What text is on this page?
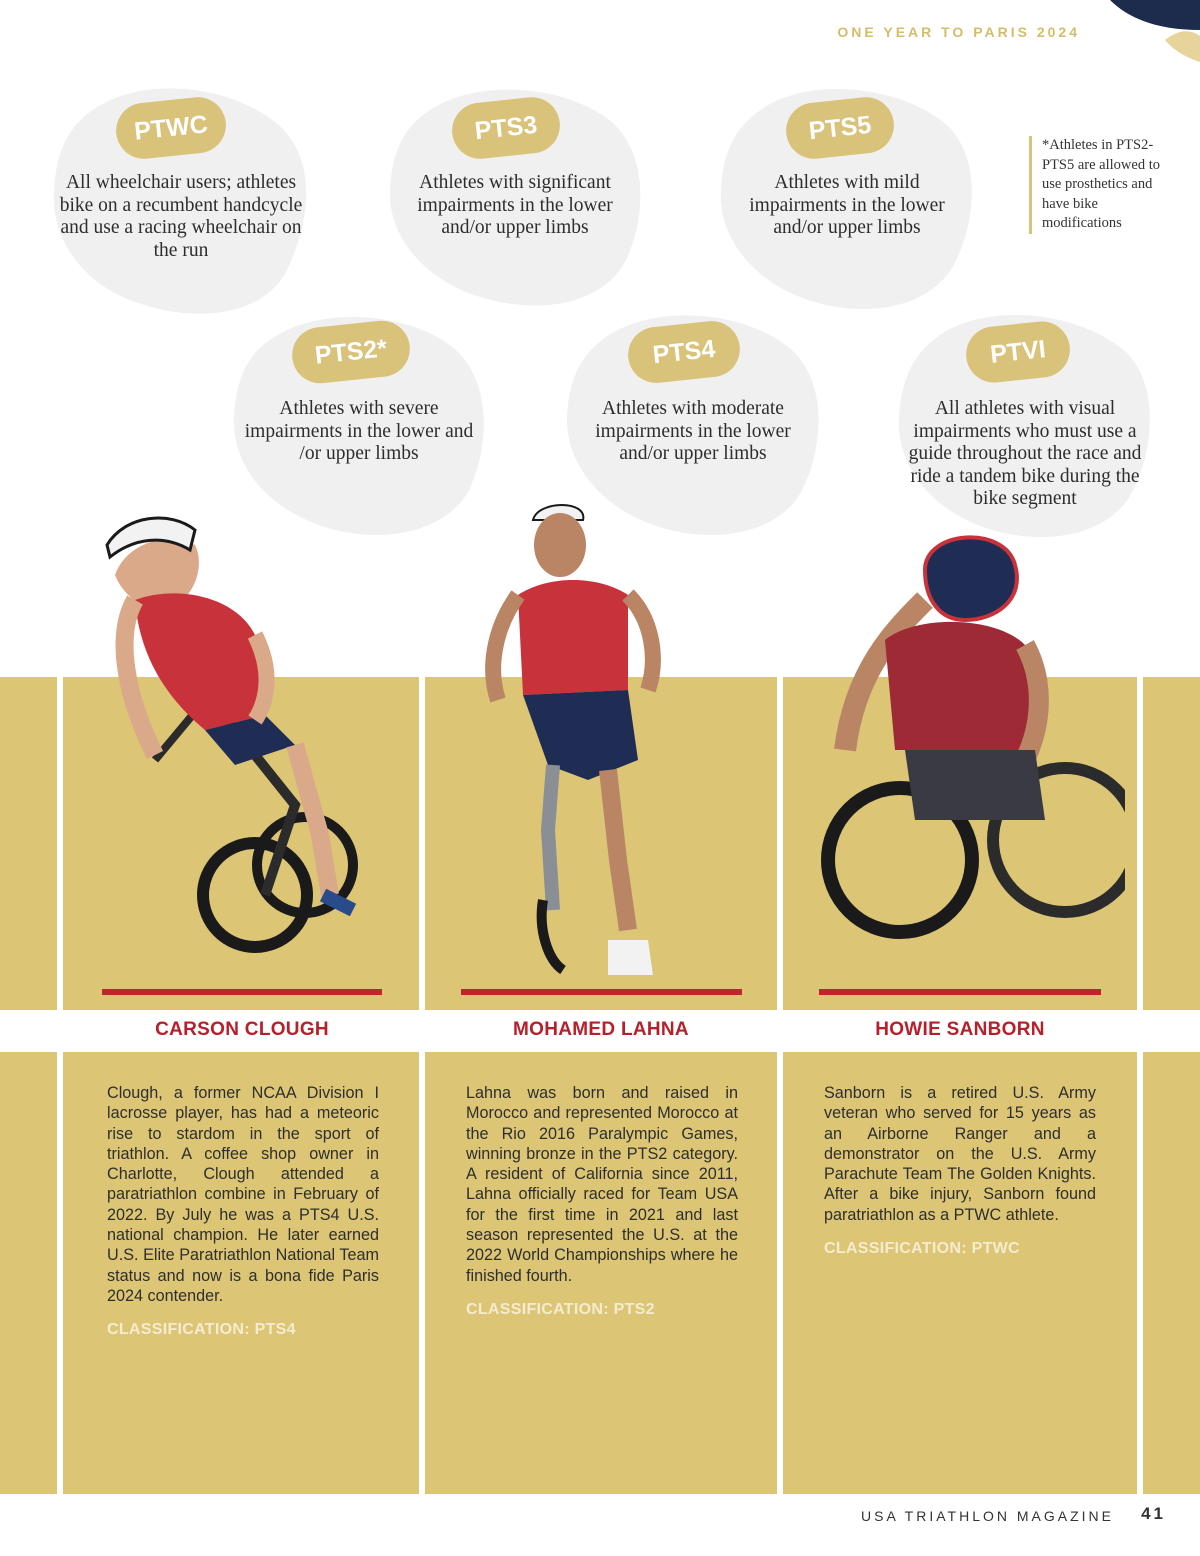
ONE YEAR TO PARIS 2024
PTWC
All wheelchair users; athletes bike on a recumbent handcycle and use a racing wheelchair on the run
PTS3
Athletes with significant impairments in the lower and/or upper limbs
PTS5
Athletes with mild impairments in the lower and/or upper limbs
*Athletes in PTS2-PTS5 are allowed to use prosthetics and have bike modifications
PTS2*
Athletes with severe impairments in the lower and /or upper limbs
PTS4
Athletes with moderate impairments in the lower and/or upper limbs
PTVI
All athletes with visual impairments who must use a guide throughout the race and ride a tandem bike during the bike segment
CARSON CLOUGH	MOHAMED LAHNA	HOWIE SANBORN
Clough, a former NCAA Division I lacrosse player, has had a meteoric rise to stardom in the sport of triathlon. A coffee shop owner in Charlotte, Clough attended a paratriathlon combine in February of 2022. By July he was a PTS4 U.S. national champion. He later earned U.S. Elite Paratriathlon National Team status and now is a bona fide Paris 2024 contender.
CLASSIFICATION: PTS4
Lahna was born and raised in Morocco and represented Morocco at the Rio 2016 Paralympic Games, winning bronze in the PTS2 category. A resident of California since 2011, Lahna officially raced for Team USA for the first time in 2021 and last season represented the U.S. at the 2022 World Championships where he finished fourth.
CLASSIFICATION: PTS2
Sanborn is a retired U.S. Army veteran who served for 15 years as an Airborne Ranger and a demonstrator on the U.S. Army Parachute Team The Golden Knights. After a bike injury, Sanborn found paratriathlon as a PTWC athlete.
CLASSIFICATION: PTWC
USA TRIATHLON MAGAZINE 41
